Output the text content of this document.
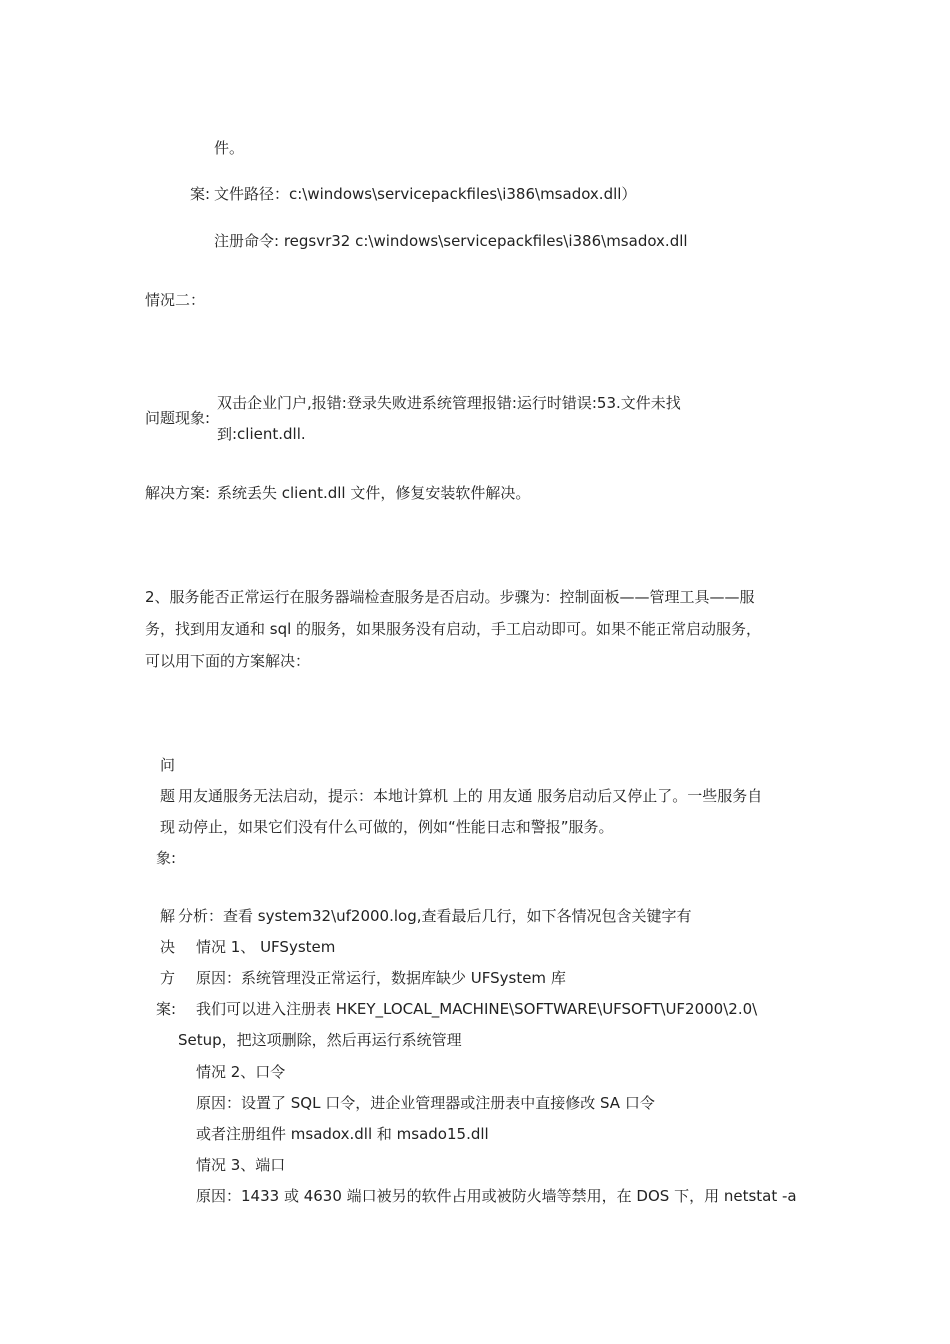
件。
案: 文件路径：c:\windows\servicepackfiles\i386\msadox.dll）
注册命令: regsvr32 c:\windows\servicepackfiles\i386\msadox.dll
情况二：
双击企业门户,报错:登录失败进系统管理报错:运行时错误:53.文件未找
问题现象:
到:client.dll.
解决方案: 系统丢失 client.dll 文件，修复安装软件解决。
2、服务能否正常运行在服务器端检查服务是否启动。步骤为：控制面板——管理工具——服
务，找到用友通和 sql 的服务，如果服务没有启动，手工启动即可。如果不能正常启动服务，
可以用下面的方案解决：
问
题 用友通服务无法启动，提示：本地计算机 上的 用友通 服务启动后又停止了。一些服务自
现 动停止，如果它们没有什么可做的，例如“性能日志和警报”服务。
象:
解 分析：查看 system32\uf2000.log,查看最后几行，如下各情况包含关键字有
决 情况 1、 UFSystem
方 原因：系统管理没正常运行，数据库缺少 UFSystem 库
案: 我们可以进入注册表 HKEY_LOCAL_MACHINE\SOFTWARE\UFSOFT\UF2000\2.0\
Setup，把这项删除，然后再运行系统管理
情况 2、口令
原因：设置了 SQL 口令，进企业管理器或注册表中直接修改 SA 口令
或者注册组件 msadox.dll 和 msado15.dll
情况 3、端口
原因：1433 或 4630 端口被另的软件占用或被防火墙等禁用，在 DOS 下，用 netstat -a
